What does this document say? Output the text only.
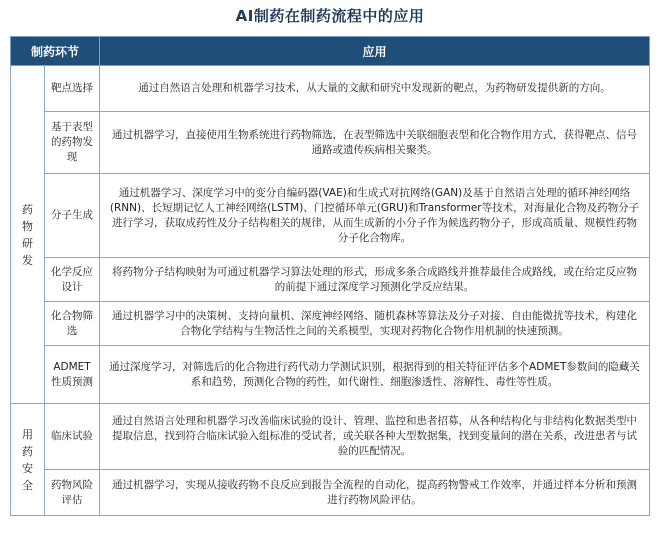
AI制药在制药流程中的应用
制药环节		应用
药物研发	靶点选择	通过自然语言处理和机器学习技术，从大量的文献和研究中发现新的靶点，为药物研发提供新的方向。
	基于表型的药物发现	通过机器学习，直接使用生物系统进行药物筛选，在表型筛选中关联细胞表型和化合物作用方式，获得靶点、信号通路或遗传疾病相关聚类。
	分子生成	通过机器学习、深度学习中的变分自编码器(VAE)和生成式对抗网络(GAN)及基于自然语言处理的循环神经网络(RNN)、长短期记忆人工神经网络(LSTM)、门控循环单元(GRU)和Transformer等技术，对海量化合物及药物分子进行学习，获取成药性及分子结构相关的规律，从而生成新的小分子作为候选药物分子，形成高质量、规模性药物分子化合物库。
	化学反应设计	将药物分子结构映射为可通过机器学习算法处理的形式，形成多条合成路线并推荐最佳合成路线，或在给定反应物的前提下通过深度学习预测化学反应结果。
	化合物筛选	通过机器学习中的决策树、支持向量机、深度神经网络、随机森林等算法及分子对接、自由能微扰等技术，构建化合物化学结构与生物活性之间的关系模型，实现对药物化合物作用机制的快速预测。
	ADMET性质预测	通过深度学习，对筛选后的化合物进行药代动力学测试识别，根据得到的相关特征评估多个ADMET参数间的隐藏关系和趋势，预测化合物的药性，如代谢性、细胞渗透性、溶解性、毒性等性质。
用药安全	临床试验	通过自然语言处理和机器学习改善临床试验的设计、管理、监控和患者招募，从各种结构化与非结构化数据类型中提取信息，找到符合临床试验入组标准的受试者，或关联各种大型数据集，找到变量间的潜在关系，改进患者与试验的匹配情况。
	药物风险评估	通过机器学习，实现从接收药物不良反应到报告全流程的自动化，提高药物警戒工作效率，并通过样本分析和预测进行药物风险评估。
